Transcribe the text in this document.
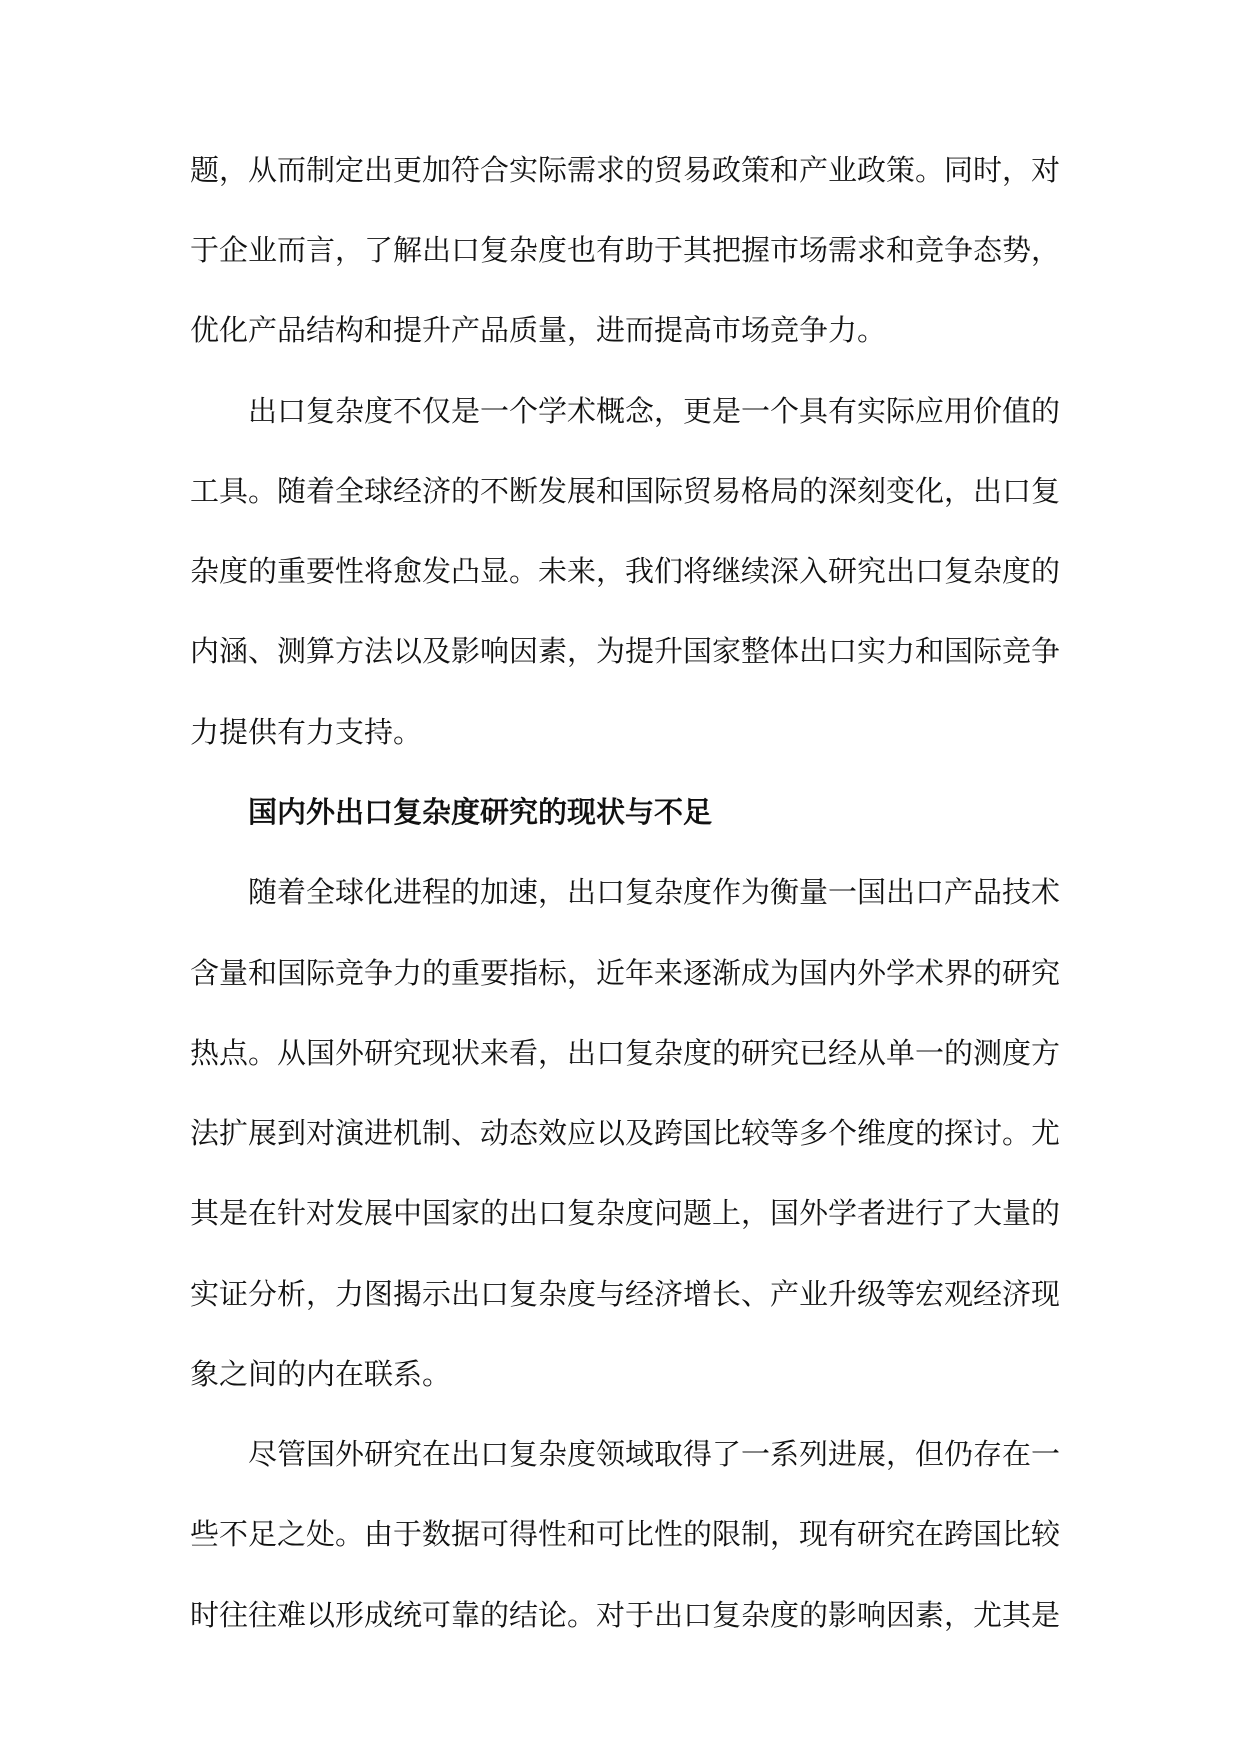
题，从而制定出更加符合实际需求的贸易政策和产业政策。同时，对

于企业而言，了解出口复杂度也有助于其把握市场需求和竞争态势，

优化产品结构和提升产品质量，进而提高市场竞争力。

出口复杂度不仅是一个学术概念，更是一个具有实际应用价值的

工具。随着全球经济的不断发展和国际贸易格局的深刻变化，出口复

杂度的重要性将愈发凸显。未来，我们将继续深入研究出口复杂度的

内涵、测算方法以及影响因素，为提升国家整体出口实力和国际竞争

力提供有力支持。

国内外出口复杂度研究的现状与不足

随着全球化进程的加速，出口复杂度作为衡量一国出口产品技术

含量和国际竞争力的重要指标，近年来逐渐成为国内外学术界的研究

热点。从国外研究现状来看，出口复杂度的研究已经从单一的测度方

法扩展到对演进机制、动态效应以及跨国比较等多个维度的探讨。尤

其是在针对发展中国家的出口复杂度问题上，国外学者进行了大量的

实证分析，力图揭示出口复杂度与经济增长、产业升级等宏观经济现

象之间的内在联系。

尽管国外研究在出口复杂度领域取得了一系列进展，但仍存在一

些不足之处。由于数据可得性和可比性的限制，现有研究在跨国比较

时往往难以形成统可靠的结论。对于出口复杂度的影响因素，尤其是
